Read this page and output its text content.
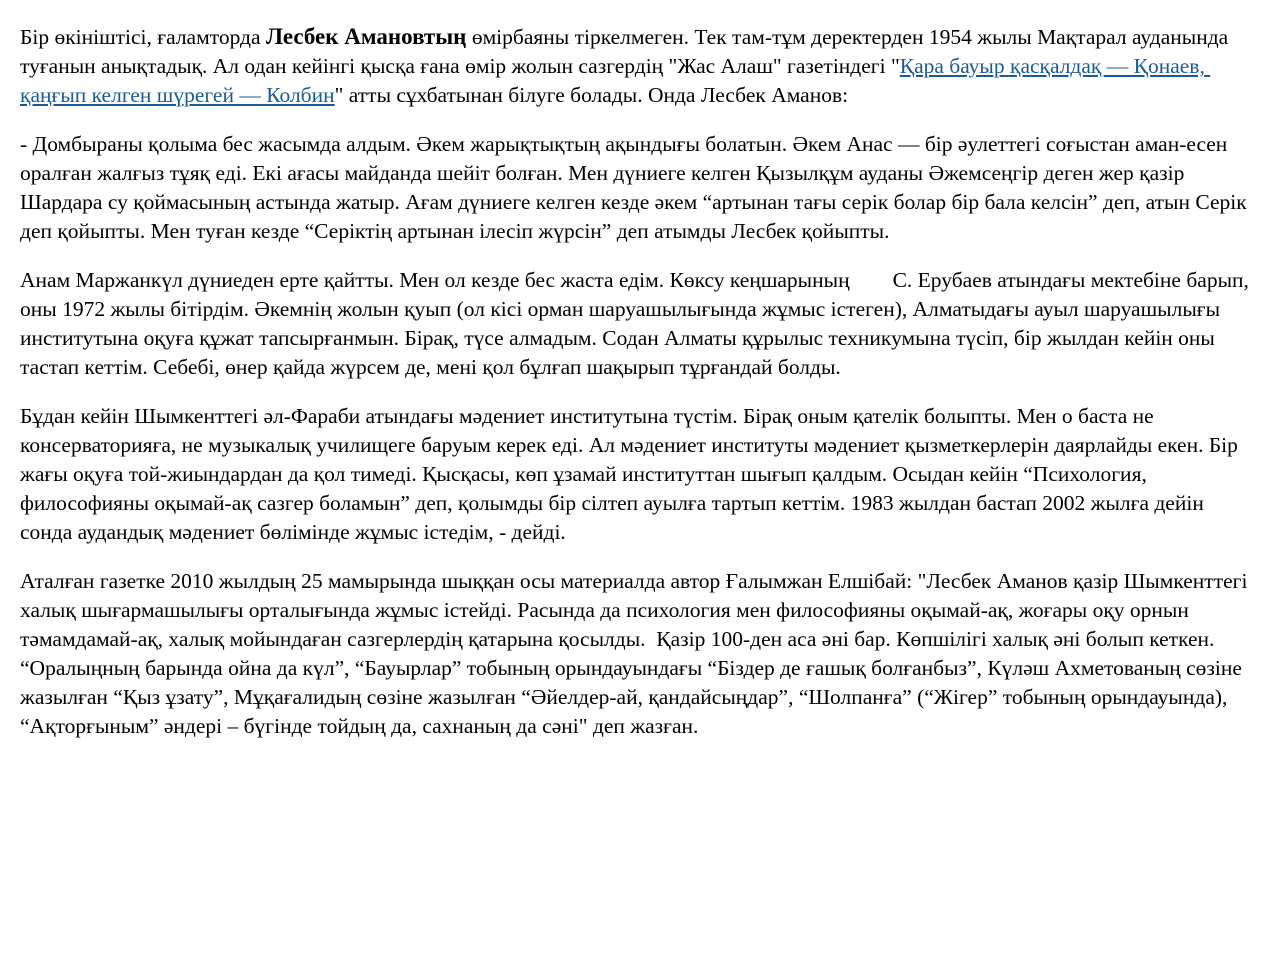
Бір өкініштісі, ғаламторда Лесбек Амановтың өмірбаяны тіркелмеген. Тек там-тұм деректерден 1954 жылы Мақтарал ауданында  туғанын анықтадық. Ал одан кейінгі қысқа ғана өмір жолын сазгердің "Жас Алаш" газетіндегі "Қара бауыр қасқалдақ — Қонаев, қаңғып келген шүрегей — Колбин" атты сұхбатынан білуге болады. Онда Лесбек Аманов:

- Домбыраны қолыма бес жасымда алдым. Әкем жарықтықтың ақындығы болатын. Әкем Анас — бір әулеттегі соғыстан аман-есен оралған жалғыз тұяқ еді. Екі ағасы майданда шейіт болған. Мен дүниеге келген Қызылқұм ауданы Әжемсеңгір деген жер қазір Шардара су қоймасының астында жатыр. Ағам дүниеге келген кезде әкем “артынан тағы серік болар бір бала келсін” деп, атын Серік деп қойыпты. Мен туған кезде “Серіктің артынан ілесіп жүрсін” деп атымды Лесбек қойыпты.

Анам Маржанкүл дүниеден ерте қайтты. Мен ол кезде бес жаста едім. Көксу кеңшарының        С. Ерубаев атындағы мектебіне барып, оны 1972 жылы бітірдім. Әкемнің жолын қуып (ол кісі орман шаруашылығында жұмыс істеген), Алматыдағы ауыл шаруашылығы институтына оқуға құжат тапсырғанмын. Бірақ, түсе алмадым. Содан Алматы құрылыс техникумына түсіп, бір жылдан кейін оны тастап кеттім. Себебі, өнер қайда жүрсем де, мені қол бұлғап шақырып тұрғандай болды.

Бұдан кейін Шымкенттегі әл-Фараби атындағы мәдениет институтына түстім. Бірақ оным қателік болыпты. Мен о баста не консерваторияға, не музыкалық училищеге баруым керек еді. Ал мәдениет институты мәдениет қызметкерлерін даярлайды екен. Бір жағы оқуға той-жиындардан да қол тимеді. Қысқасы, көп ұзамай институттан шығып қалдым. Осыдан кейін “Психология, философияны оқымай-ақ сазгер боламын” деп, қолымды бір сілтеп ауылға тартып кеттім. 1983 жылдан бастап 2002 жылға дейін сонда аудандық мәдениет бөлімінде жұмыс істедім, - дейді.

Аталған газетке 2010 жылдың 25 мамырында шыққан осы материалда автор Ғалымжан Елшібай: "Лесбек Аманов қазір Шымкенттегі халық шығармашылығы орталығында жұмыс істейді. Расында да психология мен философияны оқымай-ақ, жоғары оқу орнын тәмамдамай-ақ, халық мойындаған сазгерлердің қатарына қосылды.  Қазір 100-ден аса әні бар. Көпшілігі халық әні болып кеткен. “Оралыңның барында ойна да күл”, “Бауырлар” тобының орындауындағы “Біздер де ғашық болғанбыз”, Күләш Ахметованың сөзіне жазылған “Қыз ұзату”, Мұқағалидың сөзіне жазылған “Әйелдер-ай, қандайсыңдар”, “Шолпанға” (“Жігер” тобының орындауында), “Ақторғыным” әндері – бүгінде тойдың да, сахнаның да сәні" деп жазған.
